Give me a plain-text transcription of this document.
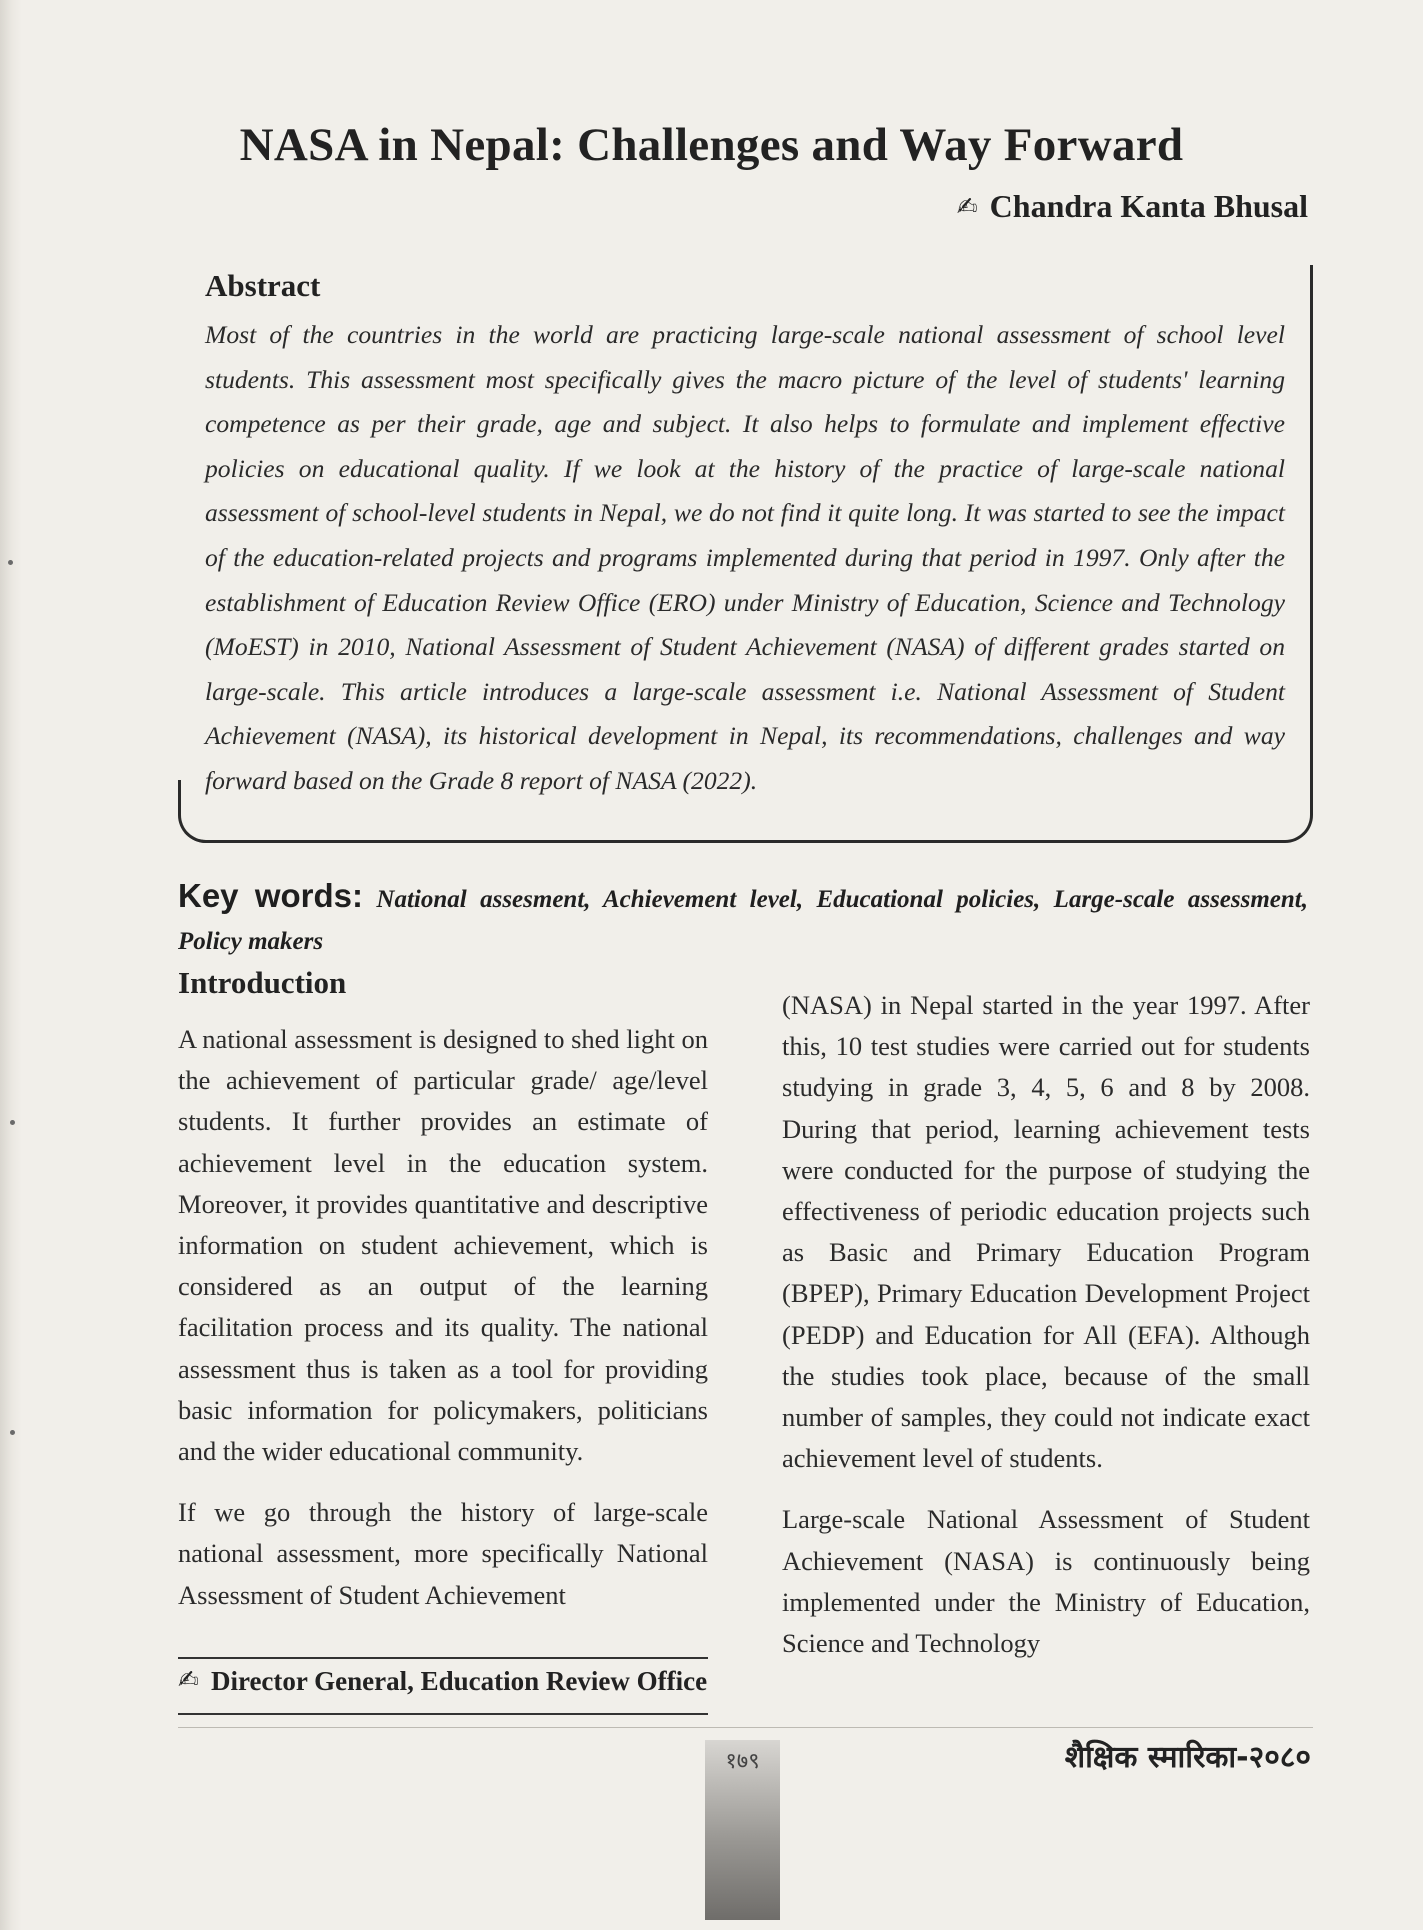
NASA in Nepal: Challenges and Way Forward
✍ Chandra Kanta Bhusal
Abstract

Most of the countries in the world are practicing large-scale national assessment of school level students. This assessment most specifically gives the macro picture of the level of students' learning competence as per their grade, age and subject. It also helps to formulate and implement effective policies on educational quality. If we look at the history of the practice of large-scale national assessment of school-level students in Nepal, we do not find it quite long. It was started to see the impact of the education-related projects and programs implemented during that period in 1997. Only after the establishment of Education Review Office (ERO) under Ministry of Education, Science and Technology (MoEST) in 2010, National Assessment of Student Achievement (NASA) of different grades started on large-scale. This article introduces a large-scale assessment i.e. National Assessment of Student Achievement (NASA), its historical development in Nepal, its recommendations, challenges and way forward based on the Grade 8 report of NASA (2022).

Key words: National assesment, Achievement level, Educational policies, Large-scale assessment, Policy makers

Introduction

A national assessment is designed to shed light on the achievement of particular grade/ age/level students. It further provides an estimate of achievement level in the education system. Moreover, it provides quantitative and descriptive information on student achievement, which is considered as an output of the learning facilitation process and its quality. The national assessment thus is taken as a tool for providing basic information for policymakers, politicians and the wider educational community.

If we go through the history of large-scale national assessment, more specifically National Assessment of Student Achievement

(NASA) in Nepal started in the year 1997. After this, 10 test studies were carried out for students studying in grade 3, 4, 5, 6 and 8 by 2008. During that period, learning achievement tests were conducted for the purpose of studying the effectiveness of periodic education projects such as Basic and Primary Education Program (BPEP), Primary Education Development Project (PEDP) and Education for All (EFA). Although the studies took place, because of the small number of samples, they could not indicate exact achievement level of students.

Large-scale National Assessment of Student Achievement (NASA) is continuously being implemented under the Ministry of Education, Science and Technology

✍ Director General, Education Review Office

१७९	शैक्षिक स्मारिका-२०८०
